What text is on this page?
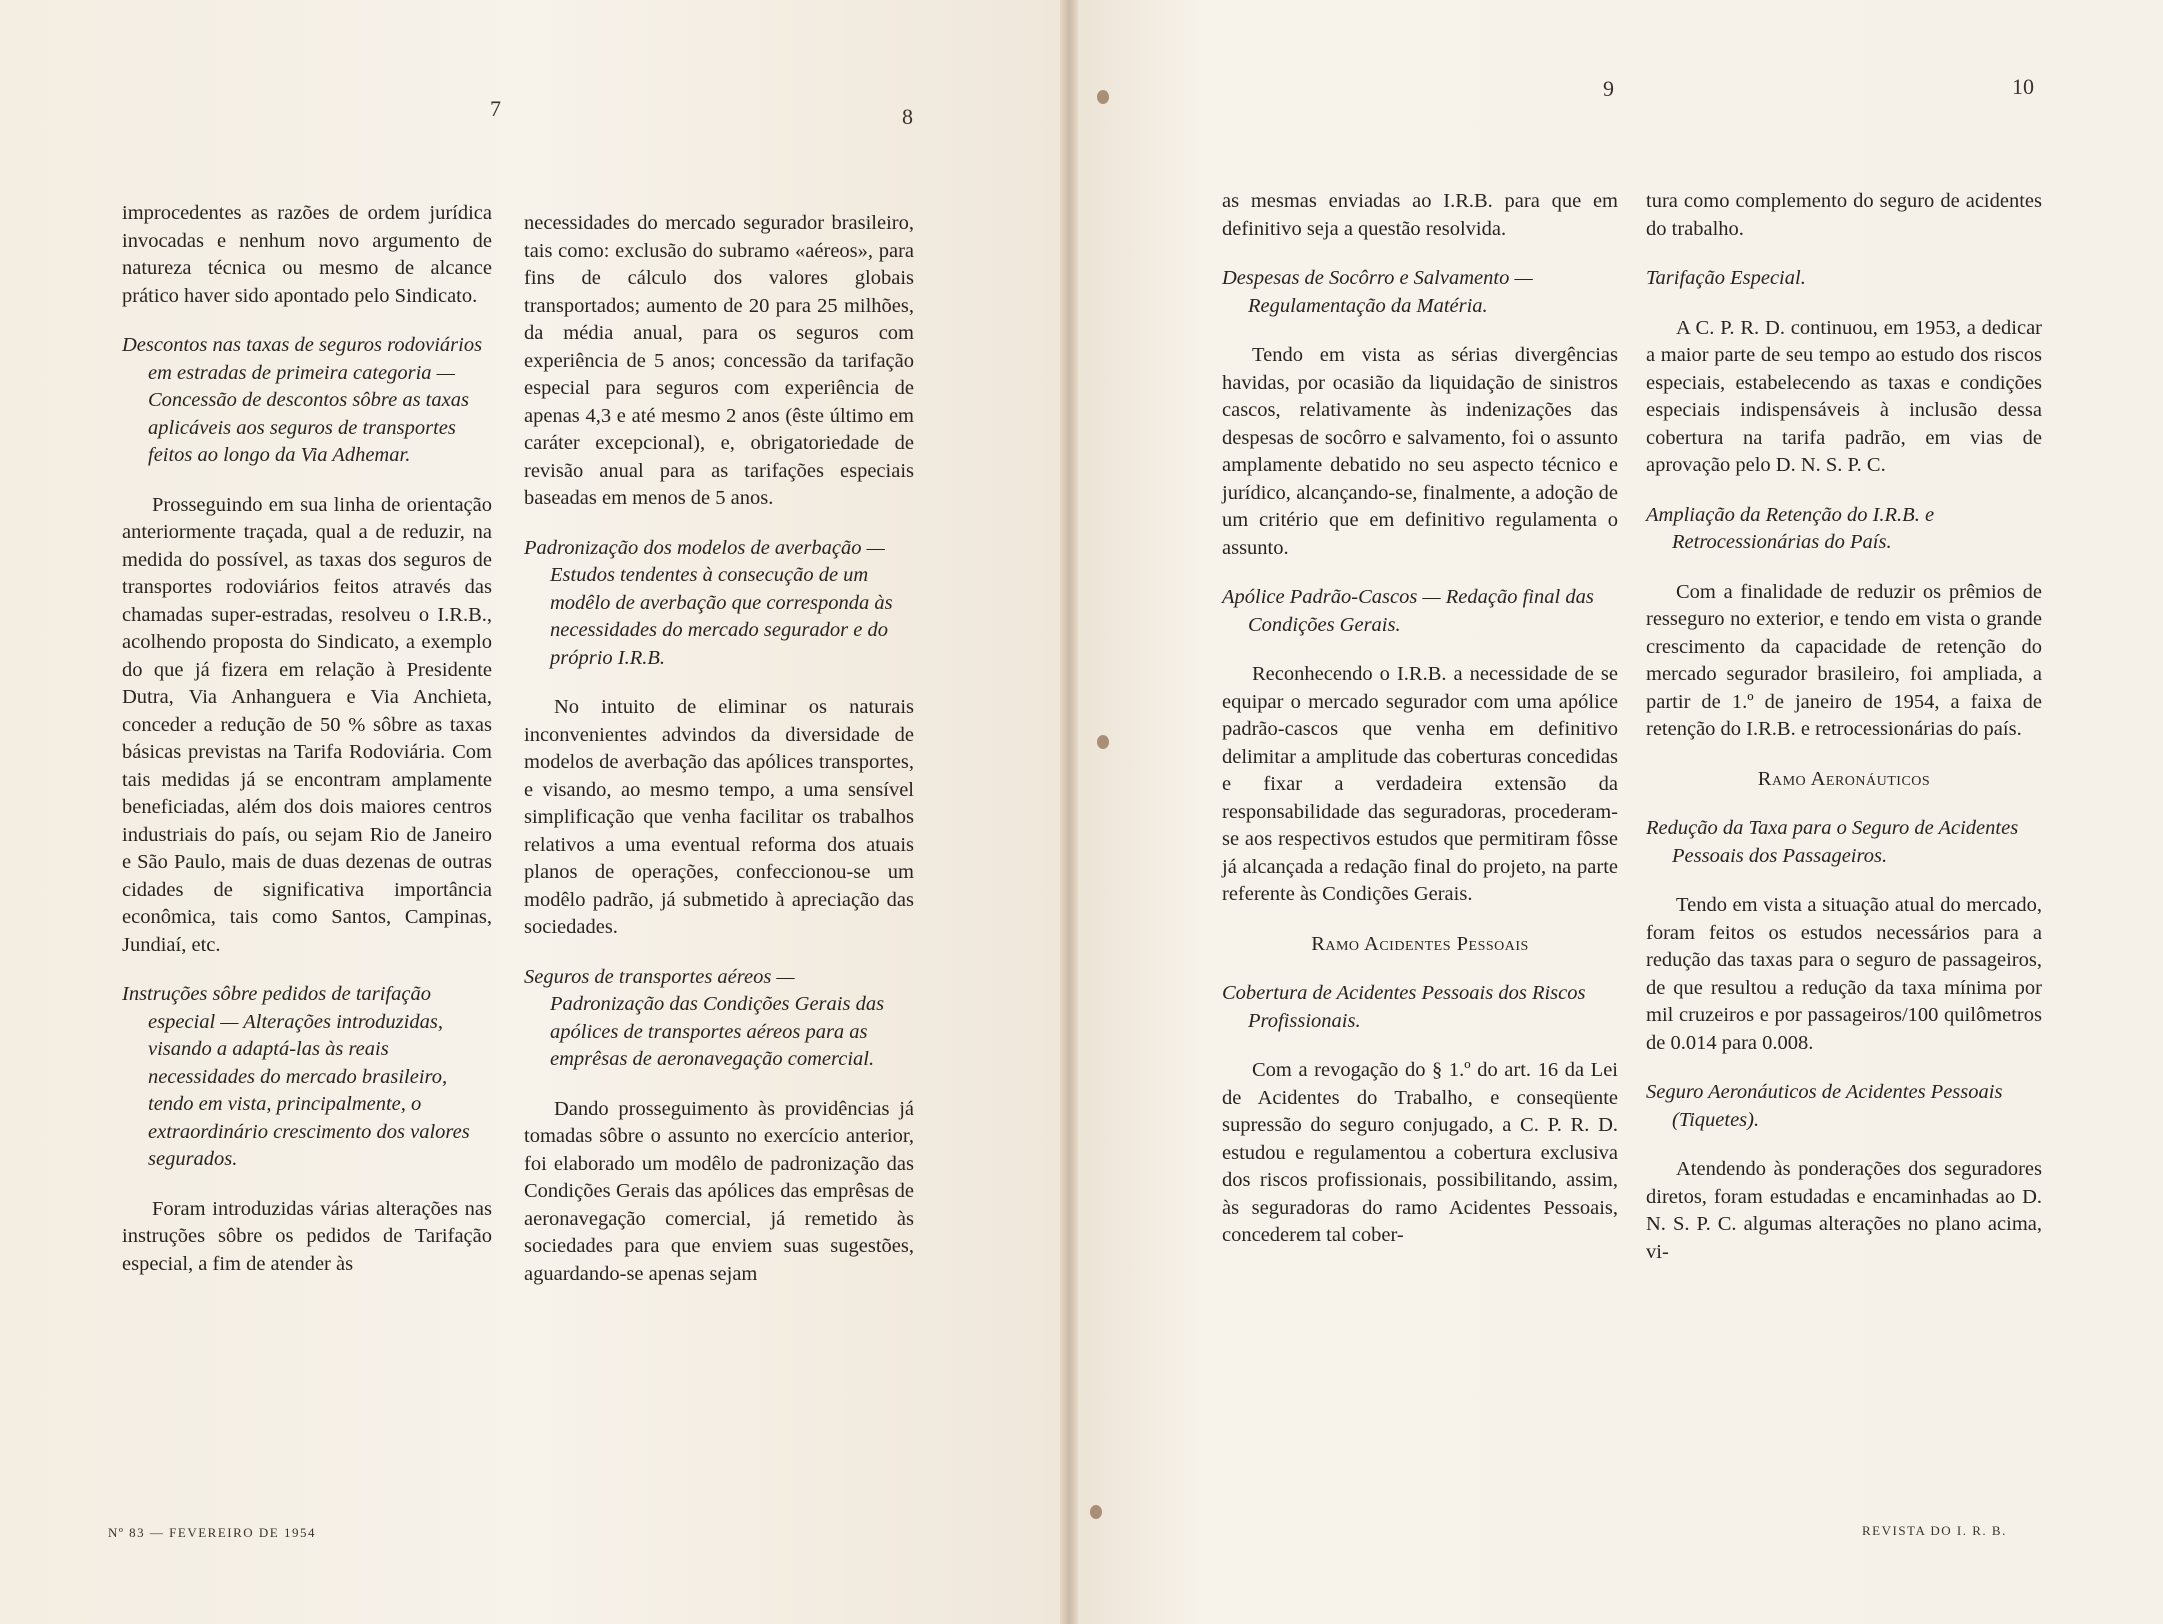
7	8
9	10

improcedentes as razões de ordem jurídica invocadas e nenhum novo argumento de natureza técnica ou mesmo de alcance prático haver sido apontado pelo Sindicato.

Descontos nas taxas de seguros rodoviários em estradas de primeira categoria — Concessão de descontos sôbre as taxas aplicáveis aos seguros de transportes feitos ao longo da Via Adhemar.

Prosseguindo em sua linha de orientação anteriormente traçada, qual a de reduzir, na medida do possível, as taxas dos seguros de transportes rodoviários feitos através das chamadas super-estradas, resolveu o I.R.B., acolhendo proposta do Sindicato, a exemplo do que já fizera em relação à Presidente Dutra, Via Anhanguera e Via Anchieta, conceder a redução de 50 % sôbre as taxas básicas previstas na Tarifa Rodoviária. Com tais medidas já se encontram amplamente beneficiadas, além dos dois maiores centros industriais do país, ou sejam Rio de Janeiro e São Paulo, mais de duas dezenas de outras cidades de significativa importância econômica, tais como Santos, Campinas, Jundiaí, etc.

Instruções sôbre pedidos de tarifação especial — Alterações introduzidas, visando a adaptá-las às reais necessidades do mercado brasileiro, tendo em vista, principalmente, o extraordinário crescimento dos valores segurados.

Foram introduzidas várias alterações nas instruções sôbre os pedidos de Tarifação especial, a fim de atender às

necessidades do mercado segurador brasileiro, tais como: exclusão do subramo «aéreos», para fins de cálculo dos valores globais transportados; aumento de 20 para 25 milhões, da média anual, para os seguros com experiência de 5 anos; concessão da tarifação especial para seguros com experiência de apenas 4,3 e até mesmo 2 anos (êste último em caráter excepcional), e, obrigatoriedade de revisão anual para as tarifações especiais baseadas em menos de 5 anos.

Padronização dos modelos de averbação — Estudos tendentes à consecução de um modêlo de averbação que corresponda às necessidades do mercado segurador e do próprio I.R.B.

No intuito de eliminar os naturais inconvenientes advindos da diversidade de modelos de averbação das apólices transportes, e visando, ao mesmo tempo, a uma sensível simplificação que venha facilitar os trabalhos relativos a uma eventual reforma dos atuais planos de operações, confeccionou-se um modêlo padrão, já submetido à apreciação das sociedades.

Seguros de transportes aéreos — Padronização das Condições Gerais das apólices de transportes aéreos para as emprêsas de aeronavegação comercial.

Dando prosseguimento às providências já tomadas sôbre o assunto no exercício anterior, foi elaborado um modêlo de padronização das Condições Gerais das apólices das emprêsas de aeronavegação comercial, já remetido às sociedades para que enviem suas sugestões, aguardando-se apenas sejam

as mesmas enviadas ao I.R.B. para que em definitivo seja a questão resolvida.

Despesas de Socôrro e Salvamento — Regulamentação da Matéria.

Tendo em vista as sérias divergências havidas, por ocasião da liquidação de sinistros cascos, relativamente às indenizações das despesas de socôrro e salvamento, foi o assunto amplamente debatido no seu aspecto técnico e jurídico, alcançando-se, finalmente, a adoção de um critério que em definitivo regulamenta o assunto.

Apólice Padrão-Cascos — Redação final das Condições Gerais.

Reconhecendo o I.R.B. a necessidade de se equipar o mercado segurador com uma apólice padrão-cascos que venha em definitivo delimitar a amplitude das coberturas concedidas e fixar a verdadeira extensão da responsabilidade das seguradoras, procederam-se aos respectivos estudos que permitiram fôsse já alcançada a redação final do projeto, na parte referente às Condições Gerais.

Ramo Acidentes Pessoais

Cobertura de Acidentes Pessoais dos Riscos Profissionais.

Com a revogação do § 1.º do art. 16 da Lei de Acidentes do Trabalho, e conseqüente supressão do seguro conjugado, a C. P. R. D. estudou e regulamentou a cobertura exclusiva dos riscos profissionais, possibilitando, assim, às seguradoras do ramo Acidentes Pessoais, concederem tal cober-

tura como complemento do seguro de acidentes do trabalho.

Tarifação Especial.

A C. P. R. D. continuou, em 1953, a dedicar a maior parte de seu tempo ao estudo dos riscos especiais, estabelecendo as taxas e condições especiais indispensáveis à inclusão dessa cobertura na tarifa padrão, em vias de aprovação pelo D. N. S. P. C.

Ampliação da Retenção do I.R.B. e Retrocessionárias do País.

Com a finalidade de reduzir os prêmios de resseguro no exterior, e tendo em vista o grande crescimento da capacidade de retenção do mercado segurador brasileiro, foi ampliada, a partir de 1.º de janeiro de 1954, a faixa de retenção do I.R.B. e retrocessionárias do país.

Ramo Aeronáuticos

Redução da Taxa para o Seguro de Acidentes Pessoais dos Passageiros.

Tendo em vista a situação atual do mercado, foram feitos os estudos necessários para a redução das taxas para o seguro de passageiros, de que resultou a redução da taxa mínima por mil cruzeiros e por passageiros/100 quilômetros de 0.014 para 0.008.

Seguro Aeronáuticos de Acidentes Pessoais (Tiquetes).

Atendendo às ponderações dos seguradores diretos, foram estudadas e encaminhadas ao D. N. S. P. C. algumas alterações no plano acima, vi-

Nº 83 — FEVEREIRO DE 1954	REVISTA DO I. R. B.
